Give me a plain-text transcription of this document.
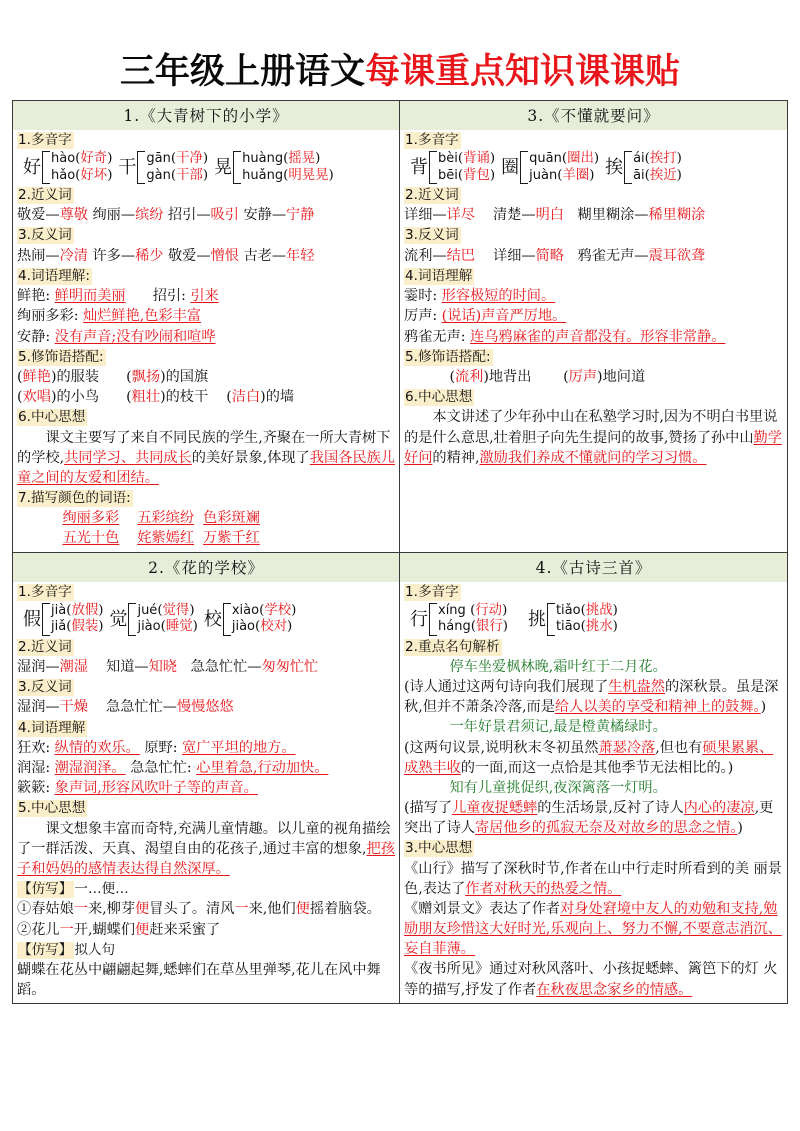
三年级上册语文每课重点知识课课贴
1.《大青树下的小学》
1.多音字
好 hào(好奇)
hǎo(好坏) 干 gān(干净)
gàn(干部) 晃 huàng(摇晃)
huǎng(明晃晃)
2.近义词
敬爱—尊敬 绚丽—缤纷 招引—吸引 安静—宁静
3.反义词
热闹—冷清 许多—稀少 敬爱—憎恨 古老—年轻
4.词语理解:
鲜艳: 鲜明而美丽 招引: 引来
绚丽多彩: 灿烂鲜艳,色彩丰富
安静: 没有声音;没有吵闹和喧哗
5.修饰语搭配:
(鲜艳)的服装 (飘扬)的国旗
(欢唱)的小鸟 (粗壮)的枝干 (洁白)的墙
6.中心思想
课文主要写了来自不同民族的学生,齐聚在一所大青树下的学校,共同学习、共同成长的美好景象,体现了我国各民族儿童之间的友爱和团结。
7.描写颜色的词语:
绚丽多彩 五彩缤纷 色彩斑斓
五光十色 姹紫嫣红 万紫千红
3.《不懂就要问》
1.多音字
背 bèi(背诵)
bēi(背包) 圈 quān(圈出)
juàn(羊圈) 挨 ái(挨打)
āi(挨近)
2.近义词
详细—详尽 清楚—明白 糊里糊涂—稀里糊涂
3.反义词
流利—结巴 详细—简略 鸦雀无声—震耳欲聋
4.词语理解
霎时: 形容极短的时间。
厉声: (说话)声音严厉地。
鸦雀无声: 连乌鸦麻雀的声音都没有。形容非常静。
5.修饰语搭配:
(流利)地背出 (厉声)地问道
6.中心思想
本文讲述了少年孙中山在私塾学习时,因为不明白书里说 的是什么意思,壮着胆子向先生提问的故事,赞扬了孙中山勤学好问的精神,激励我们养成不懂就问的学习习惯。
2.《花的学校》
1.多音字
假 jià(放假)
jiǎ(假装) 觉 jué(觉得)
jiào(睡觉) 校 xiào(学校)
jiào(校对)
2.近义词
湿润—潮湿 知道—知晓 急急忙忙—匆匆忙忙
3.反义词
湿润—干燥 急急忙忙—慢慢悠悠
4.词语理解
狂欢: 纵情的欢乐。 原野: 宽广平坦的地方。
润湿: 潮湿润泽。 急急忙忙: 心里着急,行动加快。
簌簌: 象声词,形容风吹叶子等的声音。
5.中心思想
课文想象丰富而奇特,充满儿童情趣。以儿童的视角描绘 了一群活泼、天真、渴望自由的花孩子,通过丰富的想象,把孩子和妈妈的感情表达得自然深厚。
【仿写】 一…便…
①春姑娘一来,柳芽便冒头了。清风一来,他们便摇着脑袋。
②花儿一开,蝴蝶们便赶来采蜜了
【仿写】 拟人句
蝴蝶在花丛中翩翩起舞,蟋蟀们在草丛里弹琴,花儿在风中舞蹈。
4.《古诗三首》
1.多音字
行 xíng (行动)
háng(银行) 挑 tiǎo(挑战)
tiāo(挑水)
2.重点名句解析
停车坐爱枫林晚,霜叶红于二月花。
(诗人通过这两句诗向我们展现了生机盎然的深秋景。虽是深秋,但并不萧条冷落,而是给人以美的享受和精神上的鼓舞。)
一年好景君须记,最是橙黄橘绿时。
(这两句议景,说明秋末冬初虽然萧瑟冷落,但也有硕果累累、成熟丰收的一面,而这一点恰是其他季节无法相比的。)
知有儿童挑促织,夜深篱落一灯明。
(描写了儿童夜捉蟋蟀的生活场景,反衬了诗人内心的凄凉,更突出了诗人寄居他乡的孤寂无奈及对故乡的思念之情。)
3.中心思想
《山行》描写了深秋时节,作者在山中行走时所看到的美 丽景色,表达了作者对秋天的热爱之情。
《赠刘景文》表达了作者对身处窘境中友人的劝勉和支持,勉励朋友珍惜这大好时光,乐观向上、努力不懈,不要意志消沉、妄自菲薄。
《夜书所见》通过对秋风落叶、小孩捉蟋蟀、篱笆下的灯 火等的描写,抒发了作者在秋夜思念家乡的情感。
